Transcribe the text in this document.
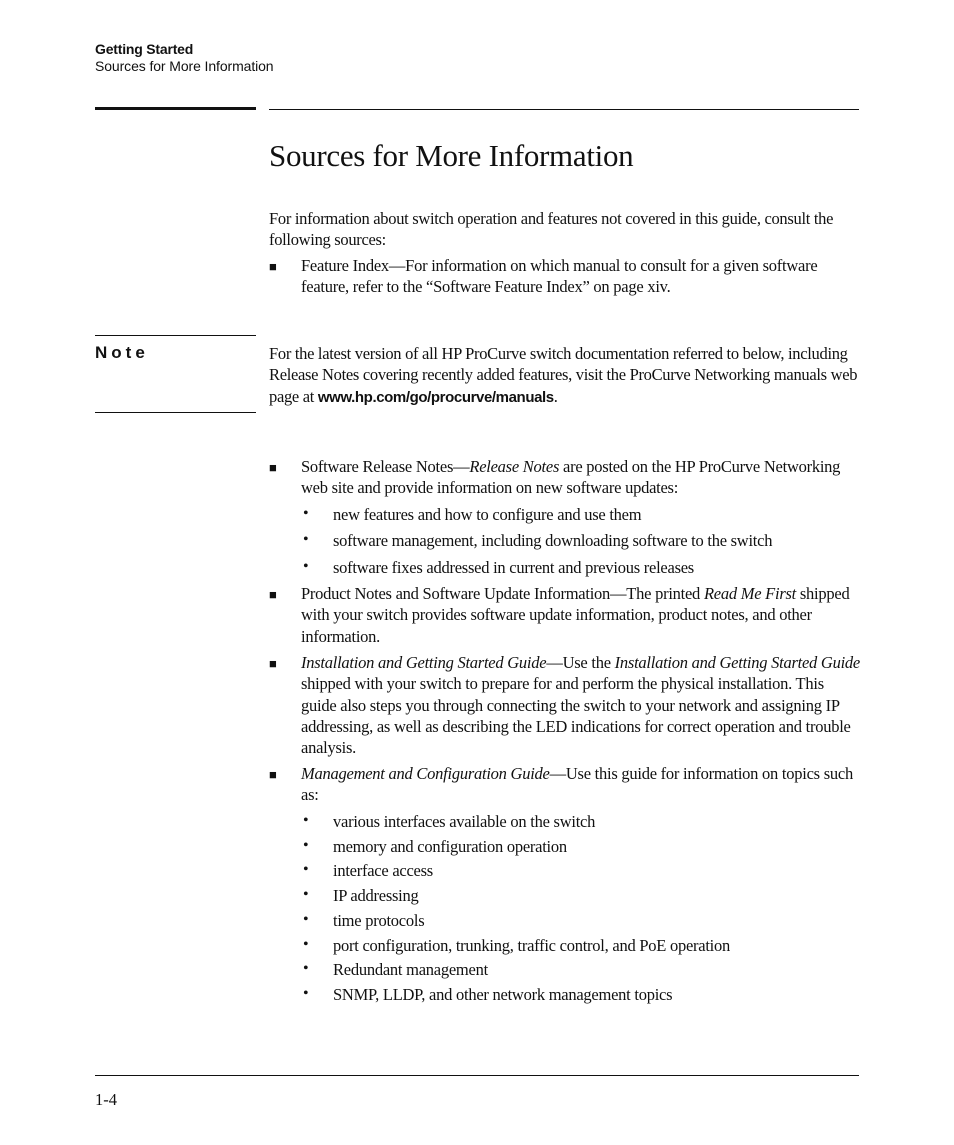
Getting Started
Sources for More Information
Sources for More Information

For information about switch operation and features not covered in this guide, consult the following sources:

■ Feature Index—For information on which manual to consult for a given software feature, refer to the “Software Feature Index” on page xiv.

Note	For the latest version of all HP ProCurve switch documentation referred to below, including Release Notes covering recently added features, visit the ProCurve Networking manuals web page at www.hp.com/go/procurve/manuals.

■ Software Release Notes—Release Notes are posted on the HP ProCurve Networking web site and provide information on new software updates:

• new features and how to configure and use them

• software management, including downloading software to the switch

• software fixes addressed in current and previous releases

■ Product Notes and Software Update Information—The printed Read Me First shipped with your switch provides software update information, product notes, and other information.

■ Installation and Getting Started Guide—Use the Installation and Getting Started Guide shipped with your switch to prepare for and perform the physical installation. This guide also steps you through connecting the switch to your network and assigning IP addressing, as well as describing the LED indications for correct operation and trouble analysis.

■ Management and Configuration Guide—Use this guide for information on topics such as:

• various interfaces available on the switch

• memory and configuration operation

• interface access

• IP addressing

• time protocols

• port configuration, trunking, traffic control, and PoE operation

• Redundant management

• SNMP, LLDP, and other network management topics

1-4
